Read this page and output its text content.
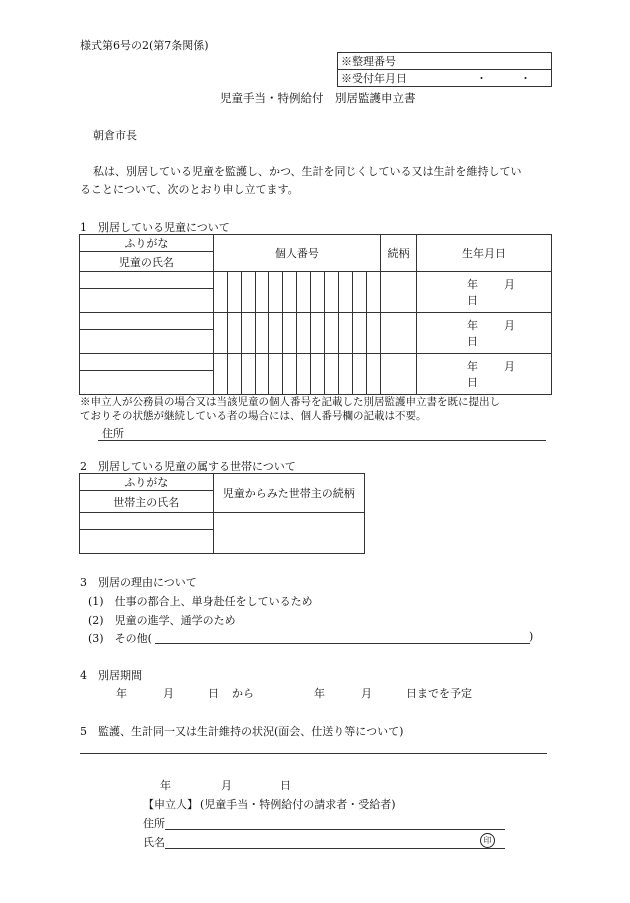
様式第6号の2(第7条関係)
※整理番号
※受付年月日	・　　　・
児童手当・特例給付　別居監護申立書
朝倉市長
私は、別居している児童を監護し、かつ、生計を同じくしている又は生計を維持してい
ることについて、次のとおり申し立てます。
1　別居している児童について
ふりがな	個人番号												続柄	生年月日
児童の氏名														
														年 月日

														年 月日

														年 月日

※申立人が公務員の場合又は当該児童の個人番号を記載した別居監護申立書を既に提出し
ておりその状態が継続している者の場合には、個人番号欄の記載は不要。
住所
2　別居している児童の属する世帯について
ふりがな	児童からみた世帯主の続柄
世帯主の氏名	

3　別居の理由について
(1)　 仕事の都合上、単身赴任をしているため
(2)　 児童の進学、通学のため
(3)　 その他(	)
4　別居期間
年	月	日 から	年	月	日までを予定
5　監護、生計同一又は生計維持の状況(面会、仕送り等について)
年	月	日
【申立人】 (児童手当・特例給付の請求者・受給者)
住所
氏名	印
